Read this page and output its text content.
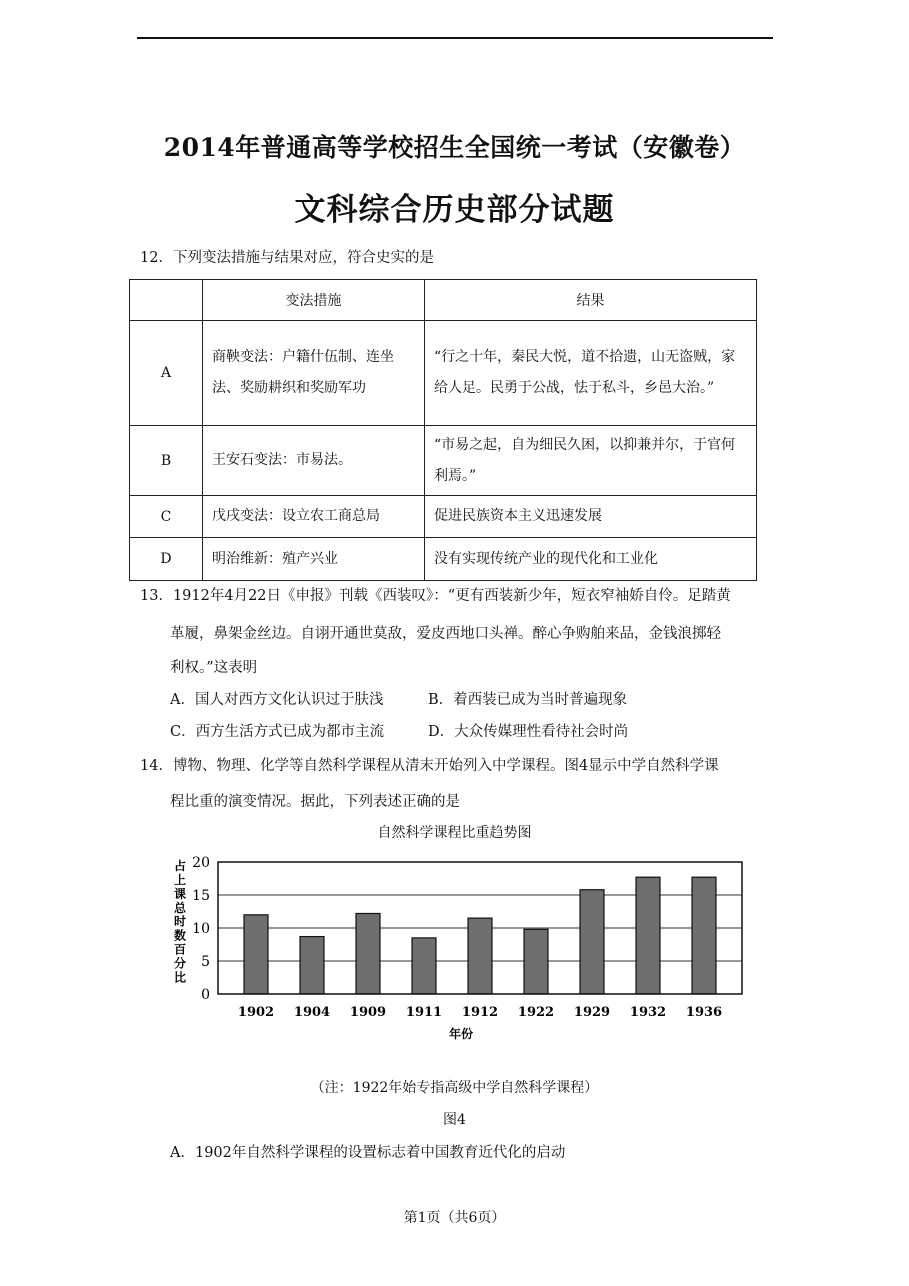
2014年普通高等学校招生全国统一考试（安徽卷）
文科综合历史部分试题
12．下列变法措施与结果对应，符合史实的是
	变法措施	结果
A	商鞅变法：户籍什伍制、连坐法、奖励耕织和奖励军功	“行之十年，秦民大悦，道不拾遗，山无盗贼，家给人足。民勇于公战，怯于私斗，乡邑大治。”
B	王安石变法：市易法。	“市易之起，自为细民久困，以抑兼并尔，于官何利焉。”
C	戊戌变法：设立农工商总局	促进民族资本主义迅速发展
D	明治维新：殖产兴业	没有实现传统产业的现代化和工业化
13．1912年4月22日《申报》刊载《西装叹》：“更有西装新少年，短衣窄袖娇自伶。足踏黄
革履，鼻架金丝边。自诩开通世莫敌，爱皮西地口头禅。醉心争购舶来品，金钱浪掷轻
利权。”这表明
A．国人对西方文化认识过于肤浅	B．着西装已成为当时普遍现象
C．西方生活方式已成为都市主流	D．大众传媒理性看待社会时尚
14．博物、物理、化学等自然科学课程从清末开始列入中学课程。图4显示中学自然科学课
程比重的演变情况。据此，下列表述正确的是
自然科学课程比重趋势图
占
上
课
总
时
数
百
分
比
0
5
10
15
20
1902 1904 1909 1911 1912 1922 1929 1932 1936
年份
（注：1922年始专指高级中学自然科学课程）
图4
A．1902年自然科学课程的设置标志着中国教育近代化的启动
第1页（共6页）
